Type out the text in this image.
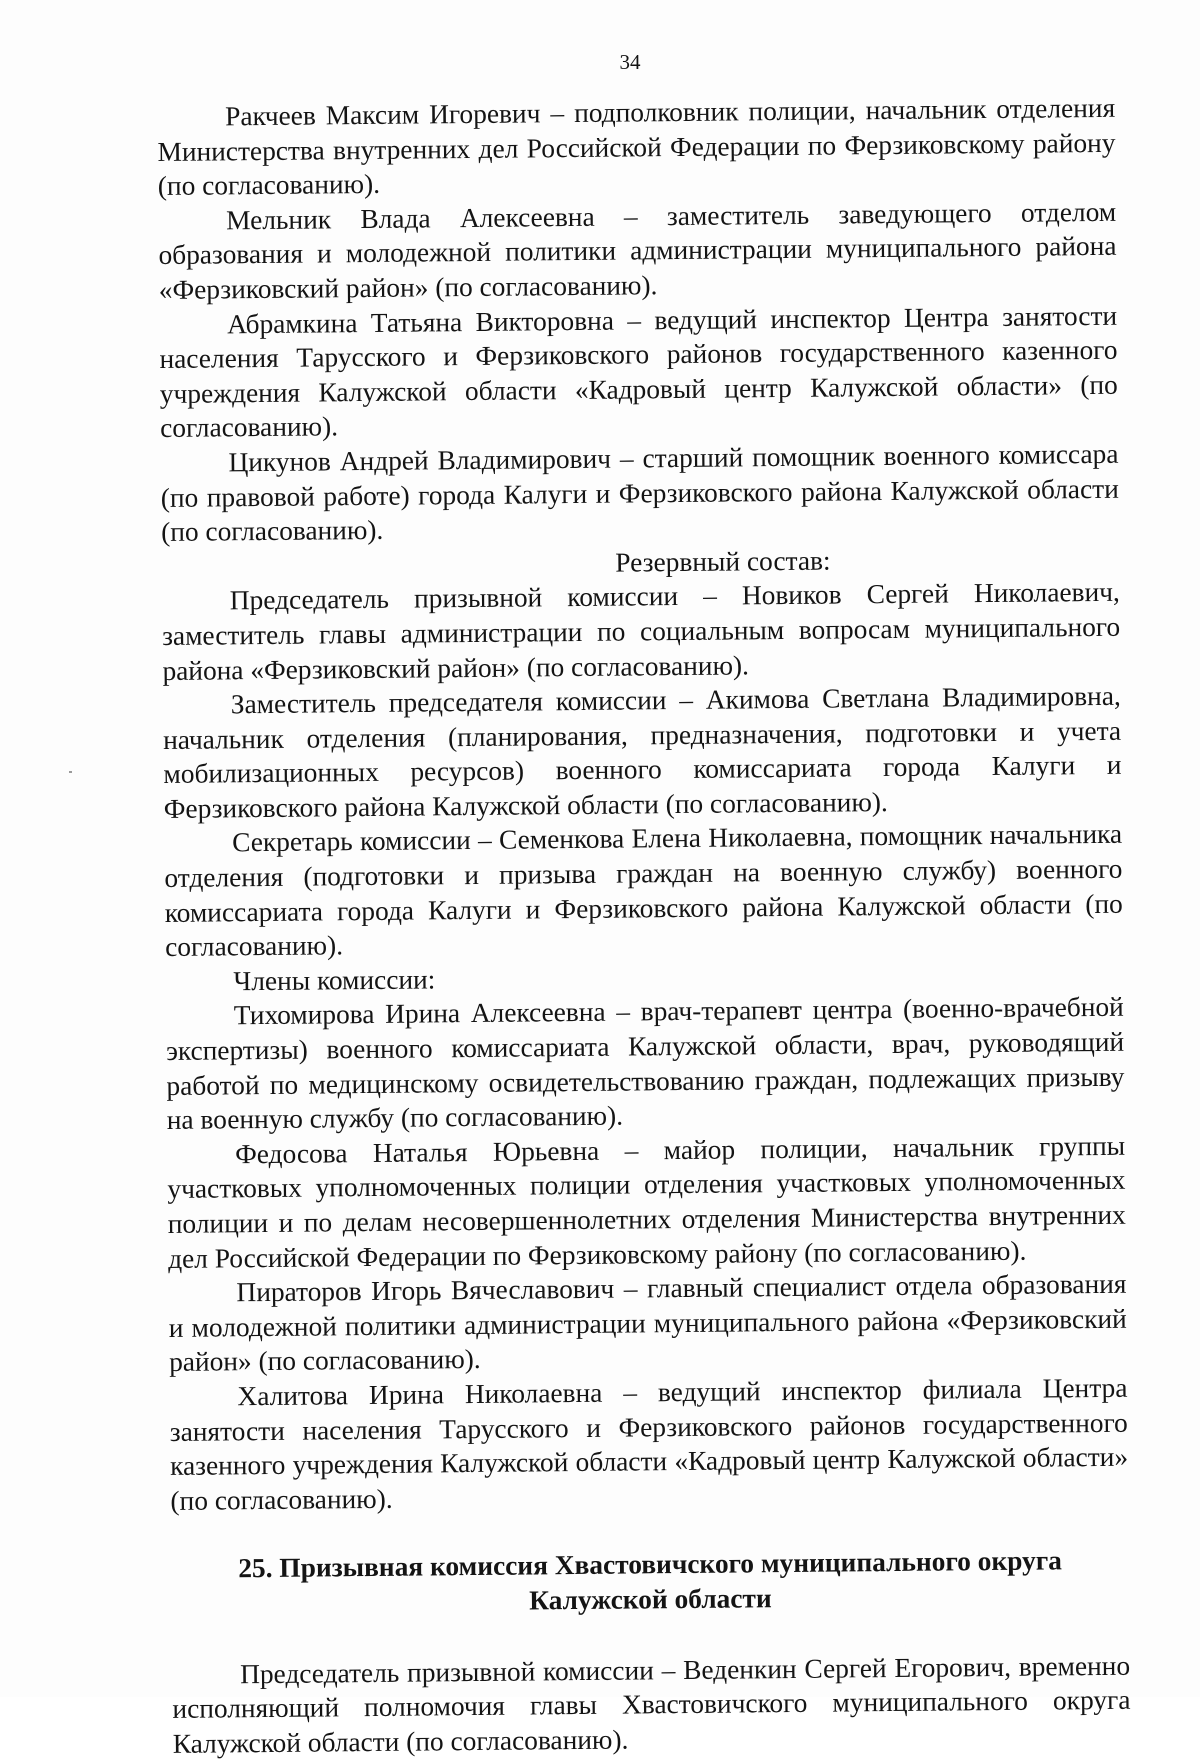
34

Ракчеев Максим Игоревич – подполковник полиции, начальник отделения Министерства внутренних дел Российской Федерации по Ферзиковскому району (по согласованию).

Мельник Влада Алексеевна – заместитель заведующего отделом образования и молодежной политики администрации муниципального района «Ферзиковский район» (по согласованию).

Абрамкина Татьяна Викторовна – ведущий инспектор Центра занятости населения Тарусского и Ферзиковского районов государственного казенного учреждения Калужской области «Кадровый центр Калужской области» (по согласованию).

Цикунов Андрей Владимирович – старший помощник военного комиссара (по правовой работе) города Калуги и Ферзиковского района Калужской области (по согласованию).

Резервный состав:

Председатель призывной комиссии – Новиков Сергей Николаевич, заместитель главы администрации по социальным вопросам муниципального района «Ферзиковский район» (по согласованию).

Заместитель председателя комиссии – Акимова Светлана Владимировна, начальник отделения (планирования, предназначения, подготовки и учета мобилизационных ресурсов) военного комиссариата города Калуги и Ферзиковского района Калужской области (по согласованию).

Секретарь комиссии – Семенкова Елена Николаевна, помощник начальника отделения (подготовки и призыва граждан на военную службу) военного комиссариата города Калуги и Ферзиковского района Калужской области (по согласованию).

Члены комиссии:

Тихомирова Ирина Алексеевна – врач-терапевт центра (военно-врачебной экспертизы) военного комиссариата Калужской области, врач, руководящий работой по медицинскому освидетельствованию граждан, подлежащих призыву на военную службу (по согласованию).

Федосова Наталья Юрьевна – майор полиции, начальник группы участковых уполномоченных полиции отделения участковых уполномоченных полиции и по делам несовершеннолетних отделения Министерства внутренних дел Российской Федерации по Ферзиковскому району (по согласованию).

Пираторов Игорь Вячеславович – главный специалист отдела образования и молодежной политики администрации муниципального района «Ферзиковский район» (по согласованию).

Халитова Ирина Николаевна – ведущий инспектор филиала Центра занятости населения Тарусского и Ферзиковского районов государственного казенного учреждения Калужской области «Кадровый центр Калужской области» (по согласованию).

25. Призывная комиссия Хвастовичского муниципального округа
Калужской области

Председатель призывной комиссии – Веденкин Сергей Егорович, временно исполняющий полномочия главы Хвастовичского муниципального округа Калужской области (по согласованию).
